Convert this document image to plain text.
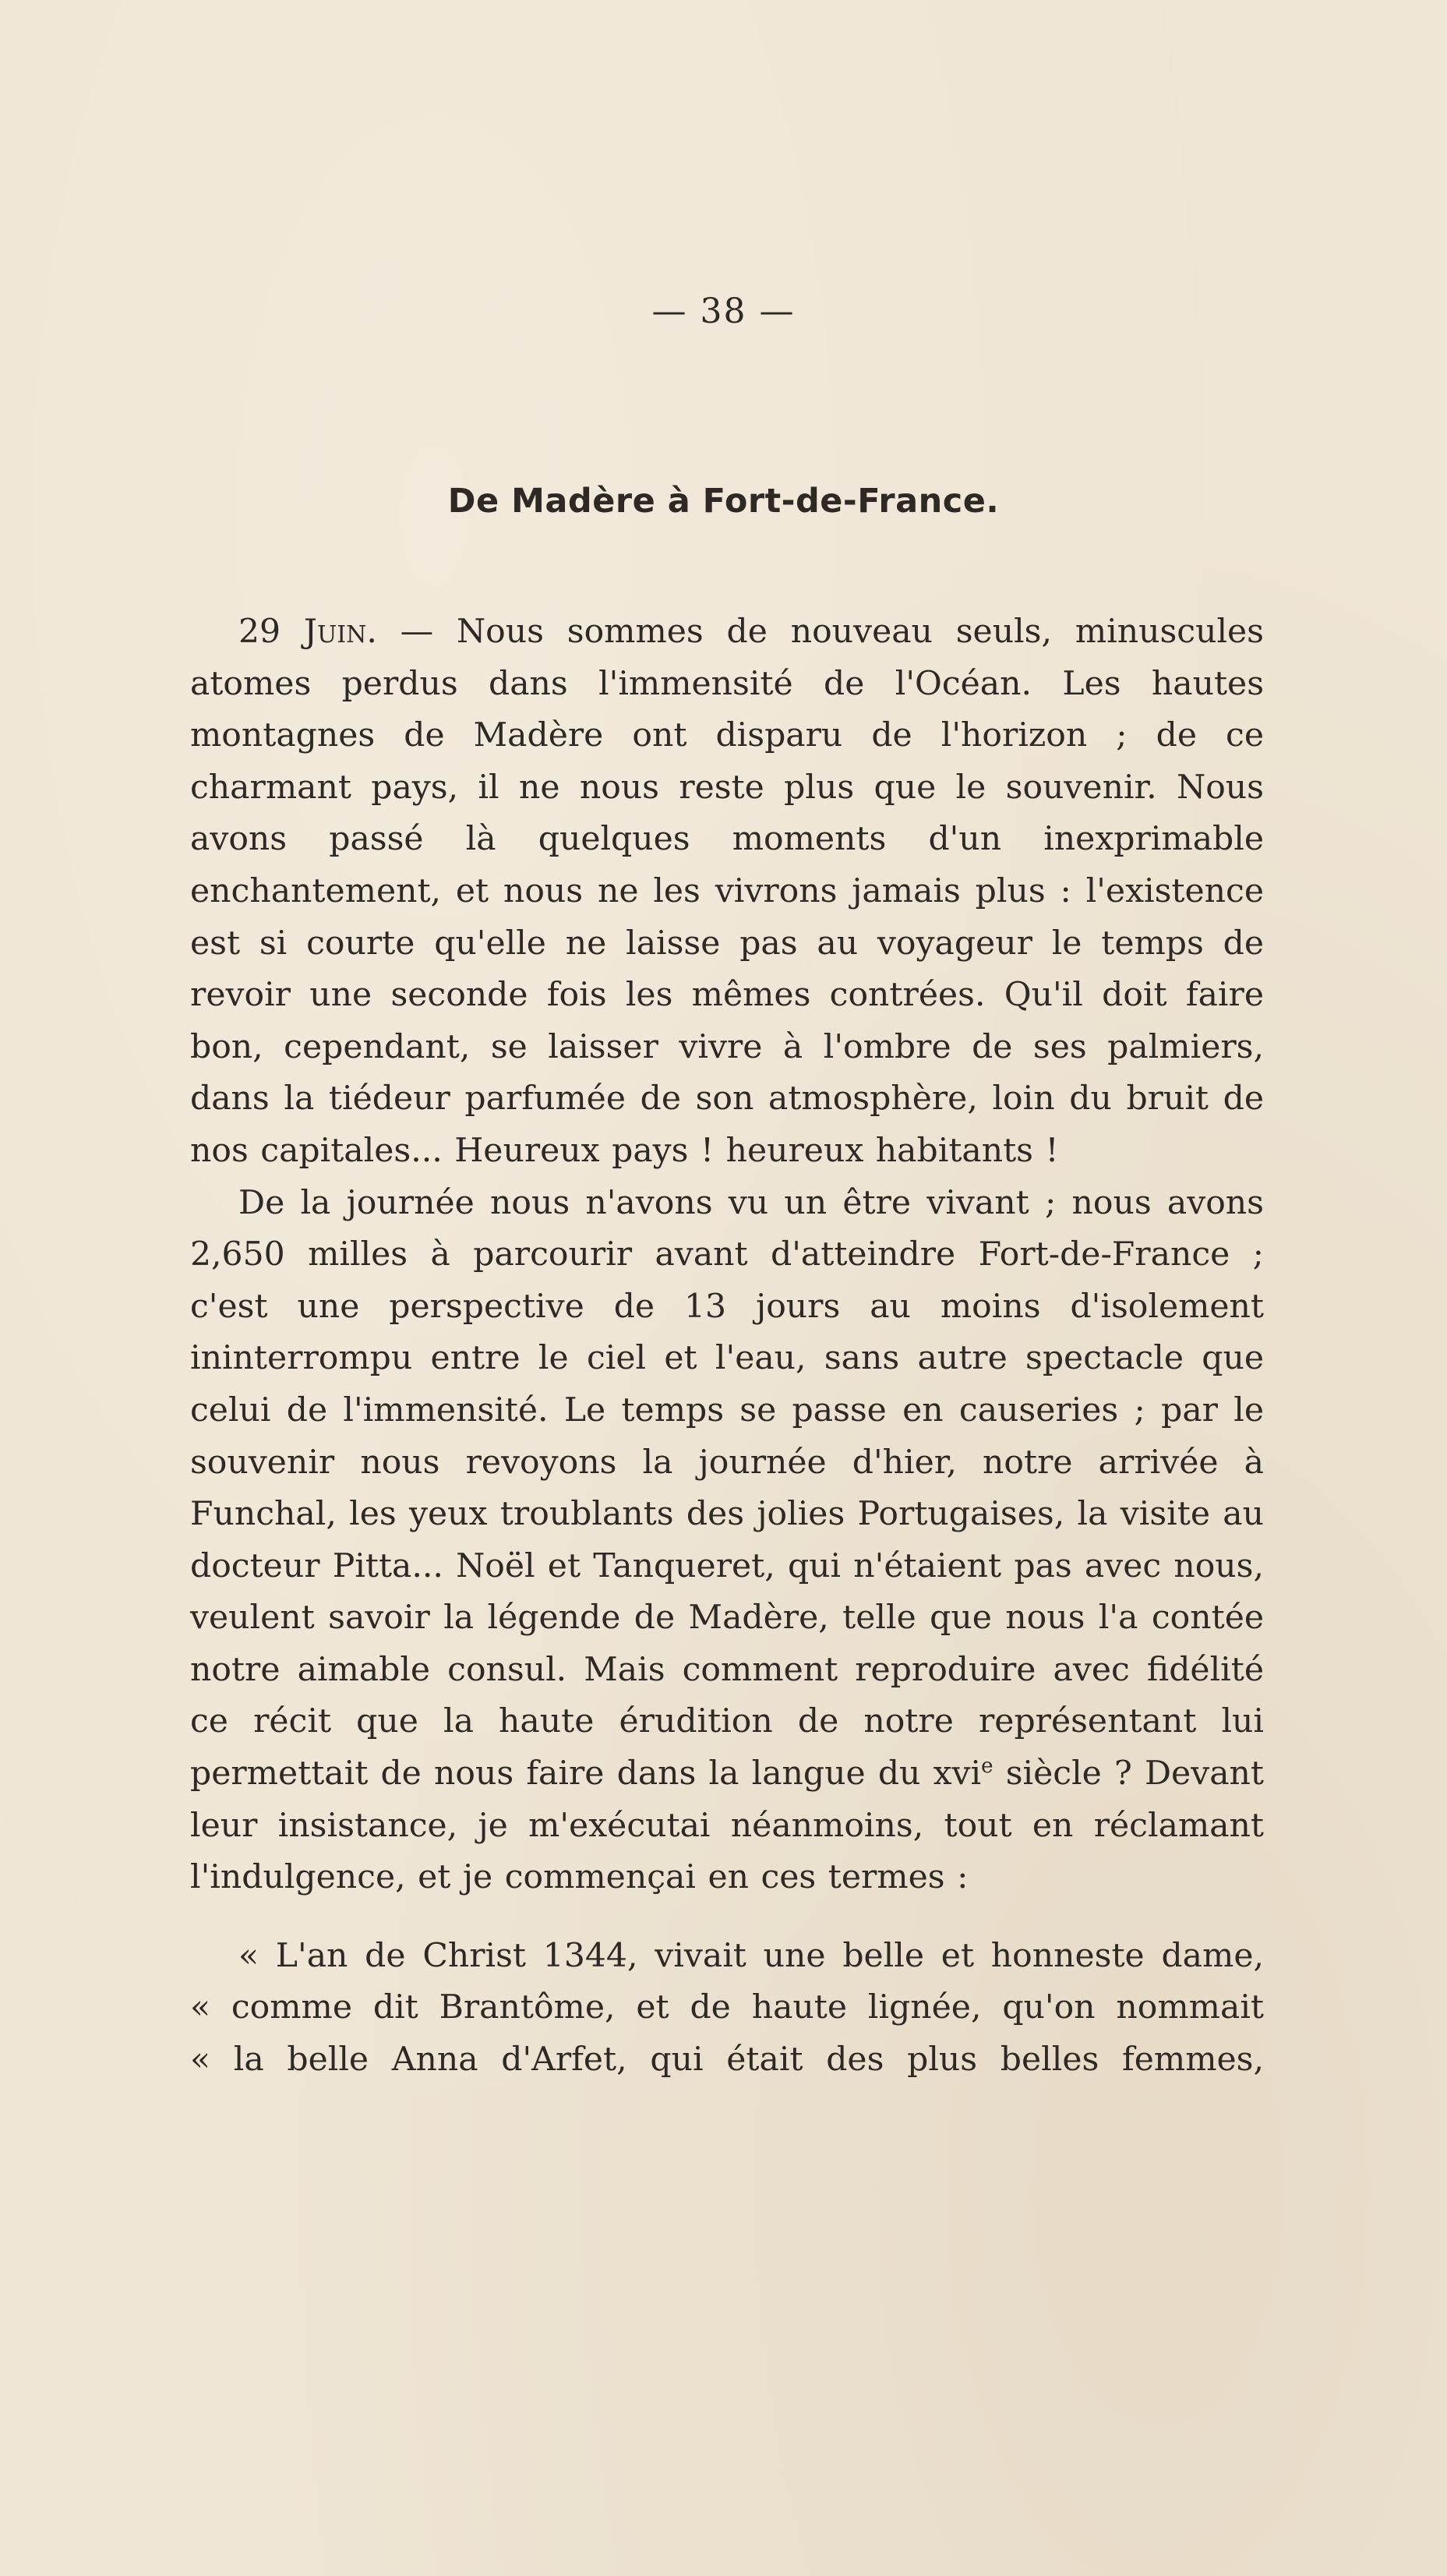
— 38 —
De Madère à Fort-de-France.

29 Juin. — Nous sommes de nouveau seuls, minuscules atomes perdus dans l'immensité de l'Océan. Les hautes montagnes de Madère ont disparu de l'horizon ; de ce charmant pays, il ne nous reste plus que le souvenir. Nous avons passé là quelques moments d'un inexprimable enchantement, et nous ne les vivrons jamais plus : l'existence est si courte qu'elle ne laisse pas au voyageur le temps de revoir une seconde fois les mêmes contrées. Qu'il doit faire bon, cependant, se laisser vivre à l'ombre de ses palmiers, dans la tiédeur parfumée de son atmosphère, loin du bruit de nos capitales... Heureux pays ! heureux habitants !

De la journée nous n'avons vu un être vivant ; nous avons 2,650 milles à parcourir avant d'atteindre Fort-de-France ; c'est une perspective de 13 jours au moins d'isolement ininterrompu entre le ciel et l'eau, sans autre spectacle que celui de l'immensité. Le temps se passe en causeries ; par le souvenir nous revoyons la journée d'hier, notre arrivée à Funchal, les yeux troublants des jolies Portugaises, la visite au docteur Pitta... Noël et Tanqueret, qui n'étaient pas avec nous, veulent savoir la légende de Madère, telle que nous l'a contée notre aimable consul. Mais comment reproduire avec fidélité ce récit que la haute érudition de notre représentant lui permettait de nous faire dans la langue du xvi$^e$ siècle ? Devant leur insistance, je m'exécutai néanmoins, tout en réclamant l'indulgence, et je commençai en ces termes :

« L'an de Christ 1344, vivait une belle et honneste dame,

« comme dit Brantôme, et de haute lignée, qu'on nommait

« la belle Anna d'Arfet, qui était des plus belles femmes,
